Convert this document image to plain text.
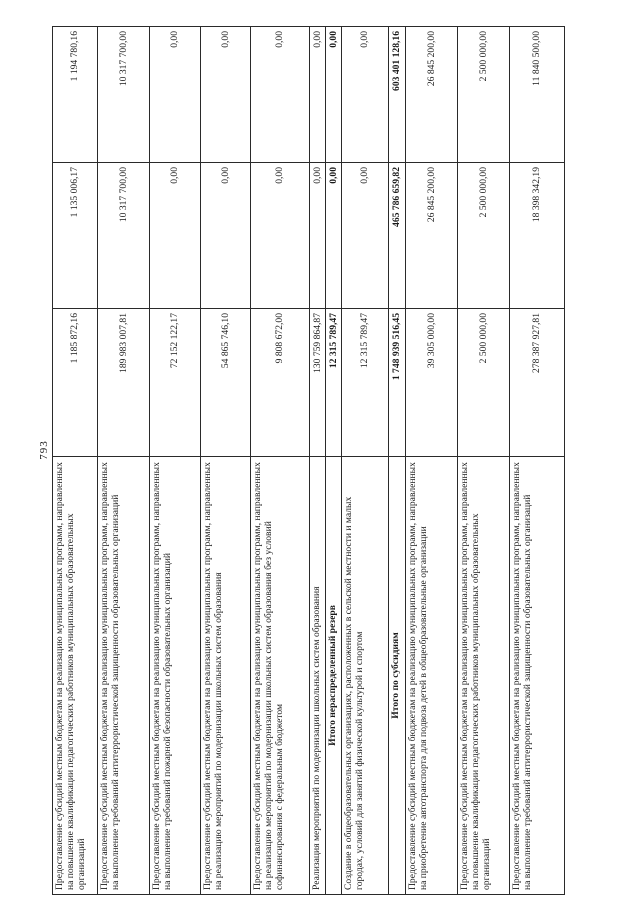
793
Предоставление субсидий местным бюджетам на реализацию муниципальных программ, направленных на повышение квалификации педагогических работников муниципальных образовательных организаций	1 185 872,16	1 135 006,17	1 194 780,16
Предоставление субсидий местным бюджетам на реализацию муниципальных программ, направленных на выполнение требований антитеррористической защищенности образовательных организаций	189 983 007,81	10 317 700,00	10 317 700,00
Предоставление субсидий местным бюджетам на реализацию муниципальных программ, направленных на выполнение требований пожарной безопасности образовательных организаций	72 152 122,17	0,00	0,00
Предоставление субсидий местным бюджетам на реализацию муниципальных программ, направленных на реализацию мероприятий по модернизации школьных систем образования	54 865 746,10	0,00	0,00
Предоставление субсидий местным бюджетам на реализацию муниципальных программ, направленных на реализацию мероприятий по модернизации школьных систем образования без условий софинансирования с федеральным бюджетом	9 808 672,00	0,00	0,00
Реализация мероприятий по модернизации школьных систем образования	130 759 864,87	0,00	0,00
Итого нераспределенный резерв	12 315 789,47	0,00	0,00
Создание в общеобразовательных организациях, расположенных в сельской местности и малых городах, условий для занятий физической культурой и спортом	12 315 789,47	0,00	0,00
Итого по субсидиям	1 748 939 516,45	465 786 659,82	603 401 128,16
Предоставление субсидий местным бюджетам на реализацию муниципальных программ, направленных на приобретение автотранспорта для подвоза детей в общеобразовательные организации	39 305 000,00	26 845 200,00	26 845 200,00
Предоставление субсидий местным бюджетам на реализацию муниципальных программ, направленных на повышение квалификации педагогических работников муниципальных образовательных организаций	2 500 000,00	2 500 000,00	2 500 000,00
Предоставление субсидий местным бюджетам на реализацию муниципальных программ, направленных на выполнение требований антитеррористической защищенности образовательных организаций	278 387 927,81	18 398 342,19	11 840 500,00
